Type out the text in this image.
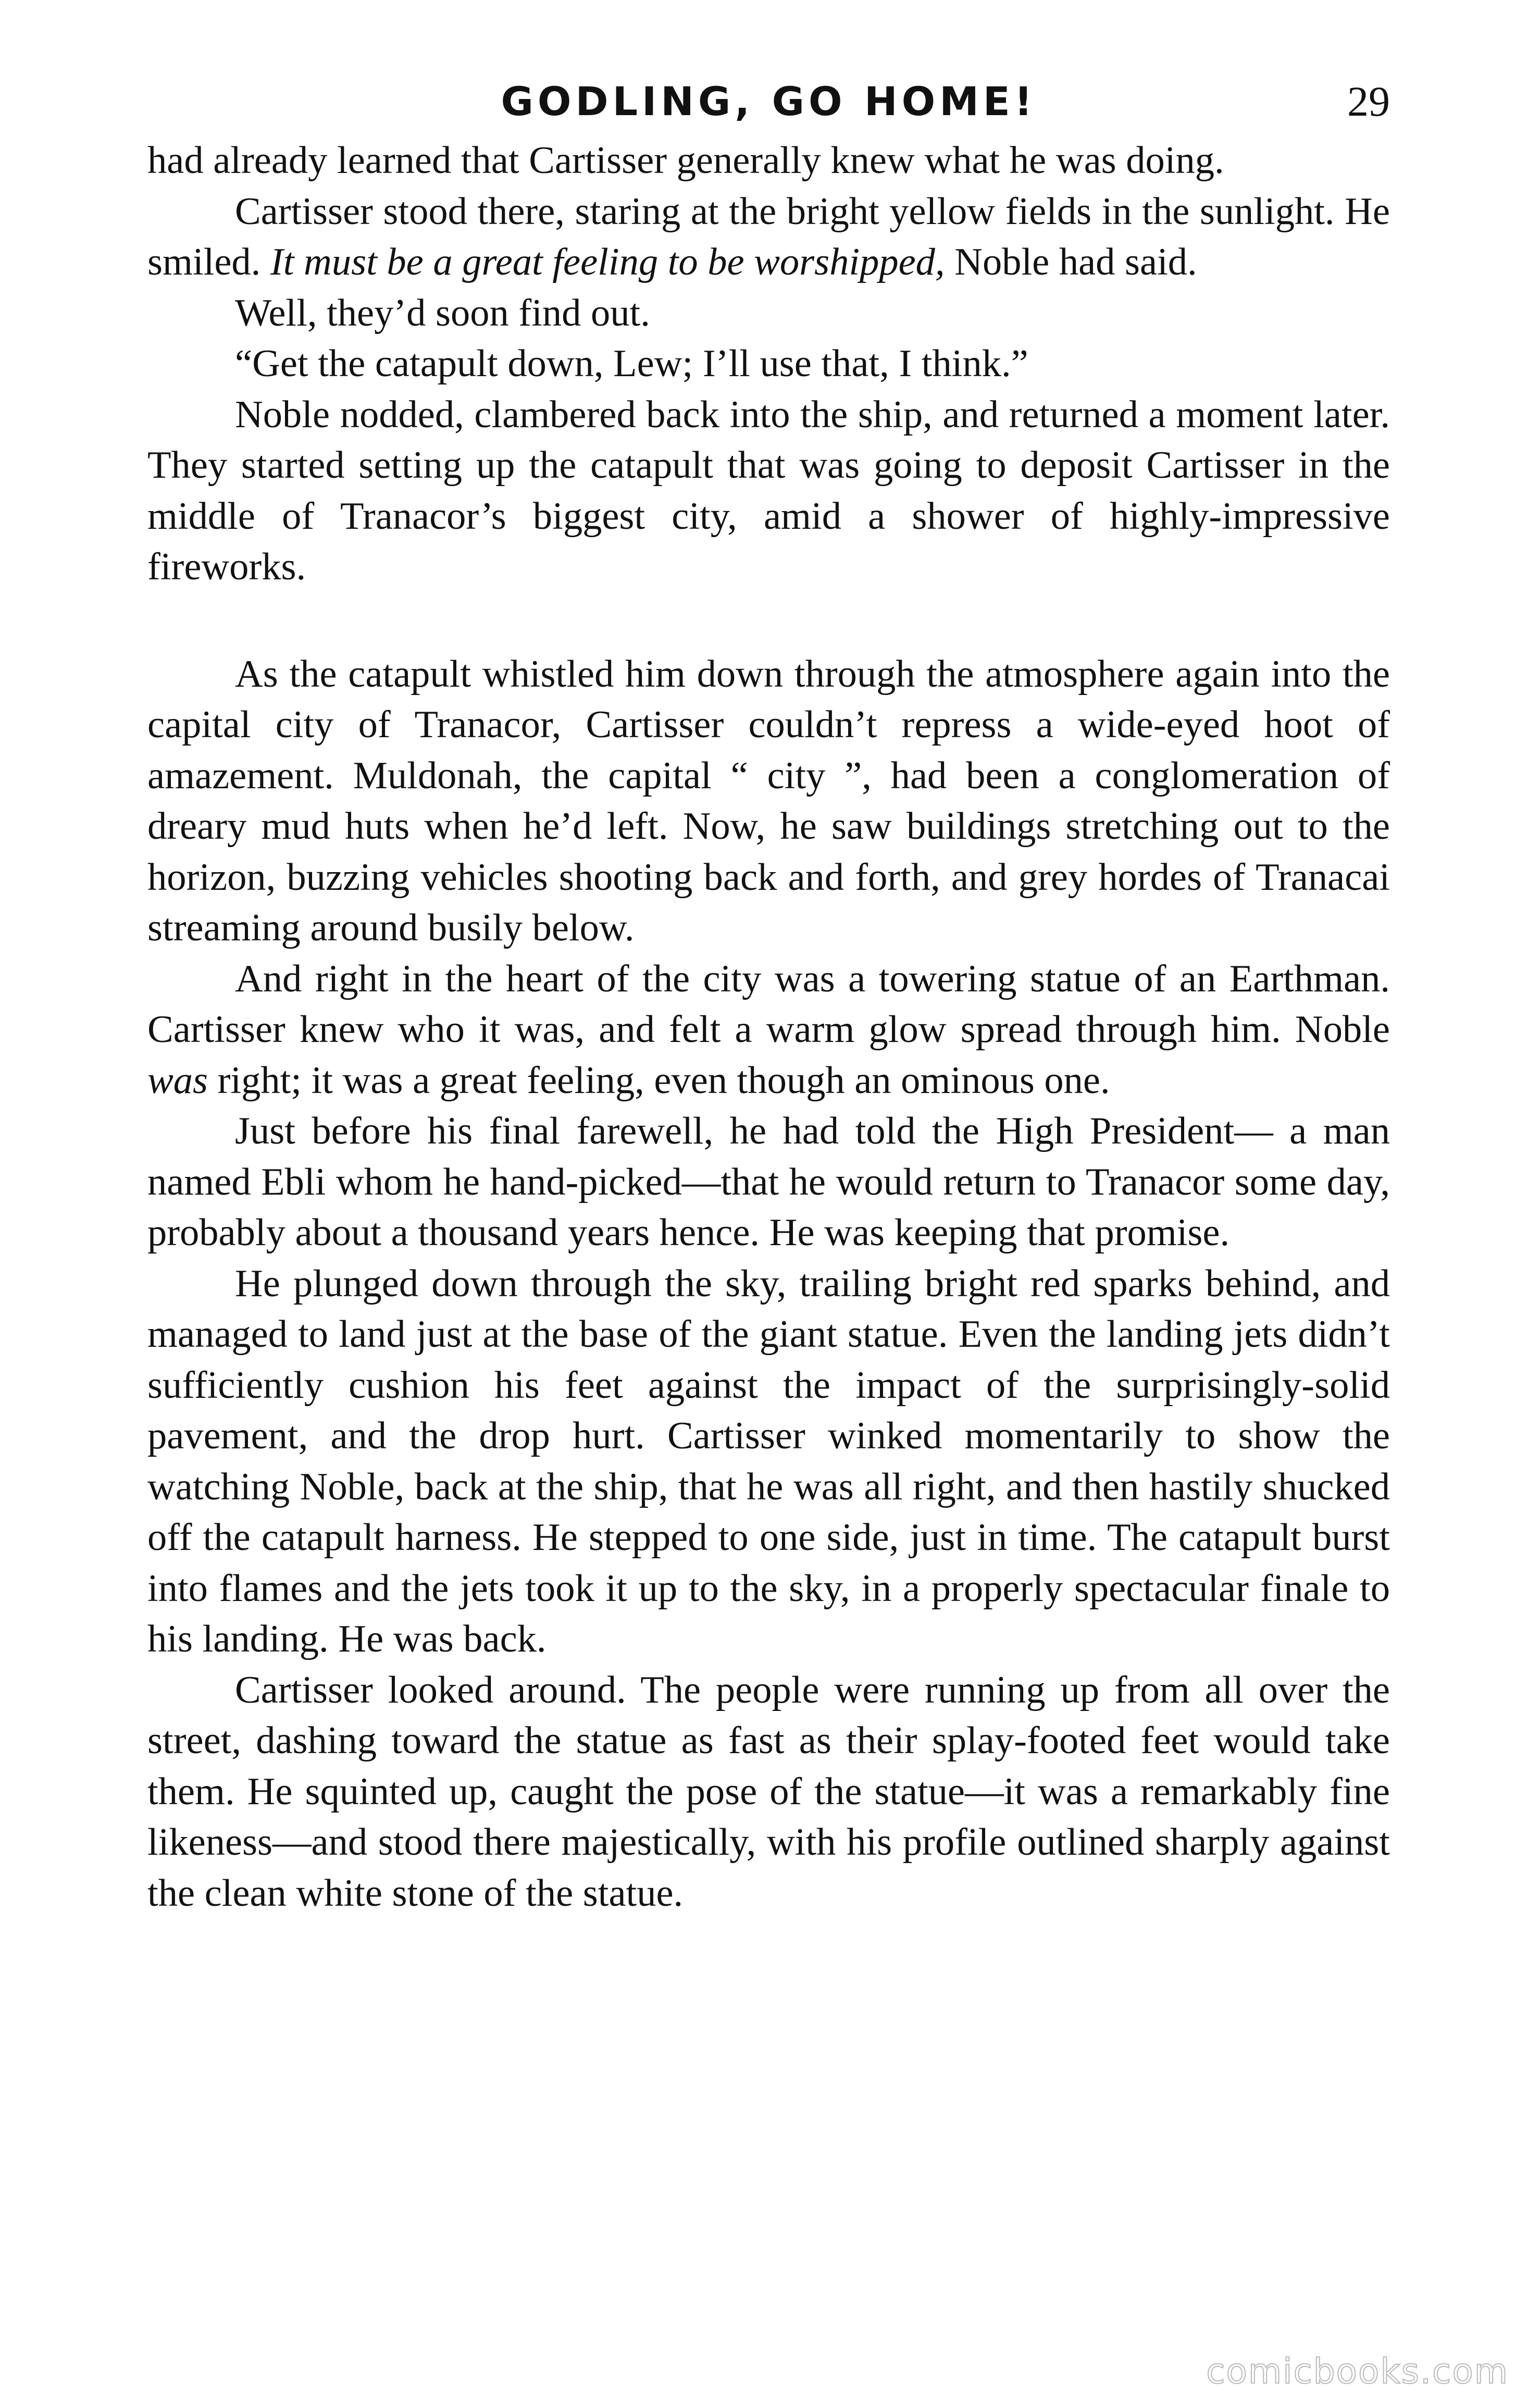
GODLING, GO HOME!	29

had already learned that Cartisser generally knew what he was doing.

Cartisser stood there, staring at the bright yellow fields in the sunlight. He smiled. It must be a great feeling to be worshipped, Noble had said.

Well, they’d soon find out.

“Get the catapult down, Lew; I’ll use that, I think.”

Noble nodded, clambered back into the ship, and returned a moment later. They started setting up the catapult that was going to deposit Cartisser in the middle of Tranacor’s biggest city, amid a shower of highly-impressive fireworks.

As the catapult whistled him down through the atmosphere again into the capital city of Tranacor, Cartisser couldn’t repress a wide-eyed hoot of amazement. Muldonah, the capital “ city ”, had been a conglomeration of dreary mud huts when he’d left. Now, he saw buildings stretching out to the horizon, buzzing vehicles shooting back and forth, and grey hordes of Tranacai streaming around busily below.

And right in the heart of the city was a towering statue of an Earthman. Cartisser knew who it was, and felt a warm glow spread through him. Noble was right; it was a great feeling, even though an ominous one.

Just before his final farewell, he had told the High President— a man named Ebli whom he hand-picked—that he would return to Tranacor some day, probably about a thousand years hence. He was keeping that promise.

He plunged down through the sky, trailing bright red sparks behind, and managed to land just at the base of the giant statue. Even the landing jets didn’t sufficiently cushion his feet against the impact of the surprisingly-solid pavement, and the drop hurt. Cartisser winked momentarily to show the watching Noble, back at the ship, that he was all right, and then hastily shucked off the catapult harness. He stepped to one side, just in time. The catapult burst into flames and the jets took it up to the sky, in a properly spectacular finale to his landing. He was back.

Cartisser looked around. The people were running up from all over the street, dashing toward the statue as fast as their splay-footed feet would take them. He squinted up, caught the pose of the statue—it was a remarkably fine likeness—and stood there majestically, with his profile outlined sharply against the clean white stone of the statue.

comicbooks.com
